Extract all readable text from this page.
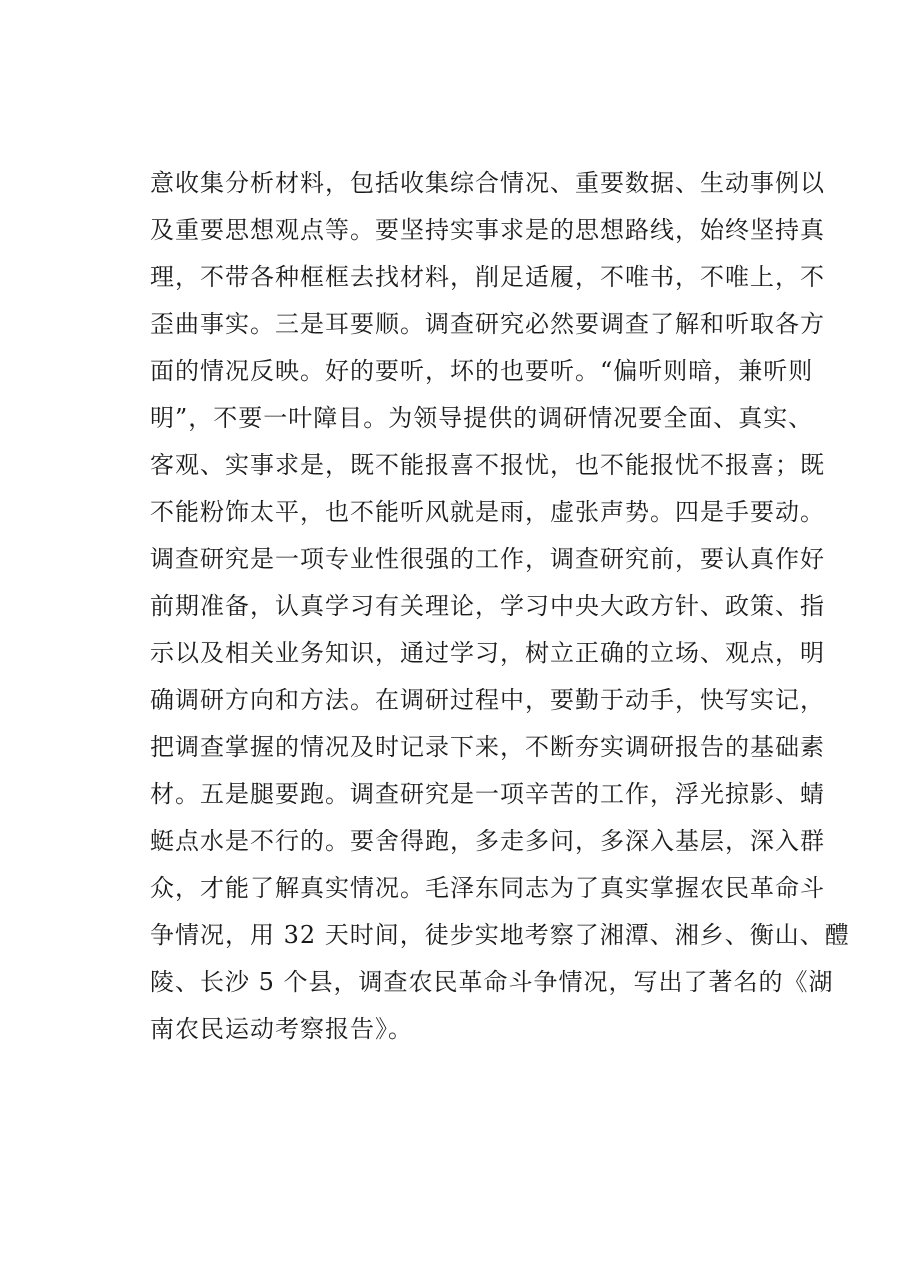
意收集分析材料，包括收集综合情况、重要数据、生动事例以
及重要思想观点等。要坚持实事求是的思想路线，始终坚持真
理，不带各种框框去找材料，削足适履，不唯书，不唯上，不
歪曲事实。三是耳要顺。调查研究必然要调查了解和听取各方
面的情况反映。好的要听，坏的也要听。“偏听则暗，兼听则
明”，不要一叶障目。为领导提供的调研情况要全面、真实、
客观、实事求是，既不能报喜不报忧，也不能报忧不报喜；既
不能粉饰太平，也不能听风就是雨，虚张声势。四是手要动。
调查研究是一项专业性很强的工作，调查研究前，要认真作好
前期准备，认真学习有关理论，学习中央大政方针、政策、指
示以及相关业务知识，通过学习，树立正确的立场、观点，明
确调研方向和方法。在调研过程中，要勤于动手，快写实记，
把调查掌握的情况及时记录下来，不断夯实调研报告的基础素
材。五是腿要跑。调查研究是一项辛苦的工作，浮光掠影、蜻
蜓点水是不行的。要舍得跑，多走多问，多深入基层，深入群
众，才能了解真实情况。毛泽东同志为了真实掌握农民革命斗
争情况，用 32 天时间，徒步实地考察了湘潭、湘乡、衡山、醴
陵、长沙 5 个县，调查农民革命斗争情况，写出了著名的《湖
南农民运动考察报告》。
